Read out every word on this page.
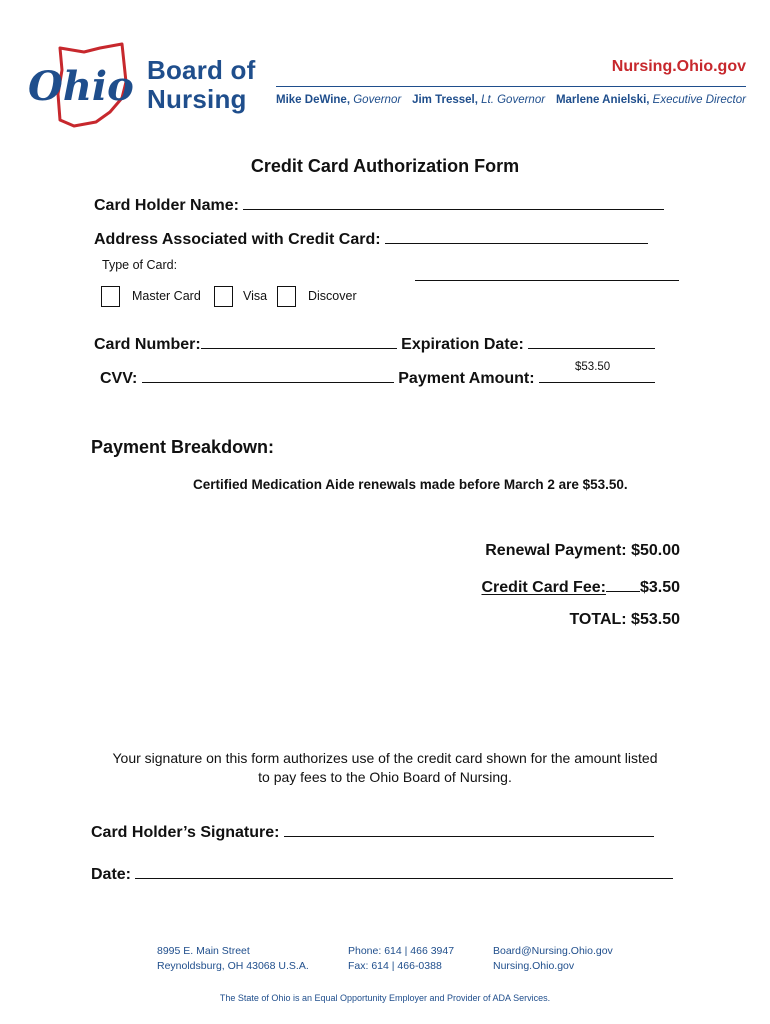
Ohio Board of
Nursing
Nursing.Ohio.gov
Mike DeWine, Governor Jim Tressel, Lt. Governor Marlene Anielski, Executive Director
Credit Card Authorization Form
Card Holder Name:
Address Associated with Credit Card:
Type of Card:
Master Card	Visa	Discover
Card Number:	Expiration Date:
CVV:	Payment Amount:
$53.50
Payment Breakdown:
Certified Medication Aide renewals made before March 2 are $53.50.
Renewal Payment: $50.00
Credit Card Fee: $3.50
TOTAL: $53.50
Your signature on this form authorizes use of the credit card shown for the amount listed
to pay fees to the Ohio Board of Nursing.
Card Holder’s Signature:
Date:
8995 E. Main Street
Reynoldsburg, OH 43068 U.S.A.
Phone: 614 | 466 3947
Fax: 614 | 466-0388
Board@Nursing.Ohio.gov
Nursing.Ohio.gov
The State of Ohio is an Equal Opportunity Employer and Provider of ADA Services.
